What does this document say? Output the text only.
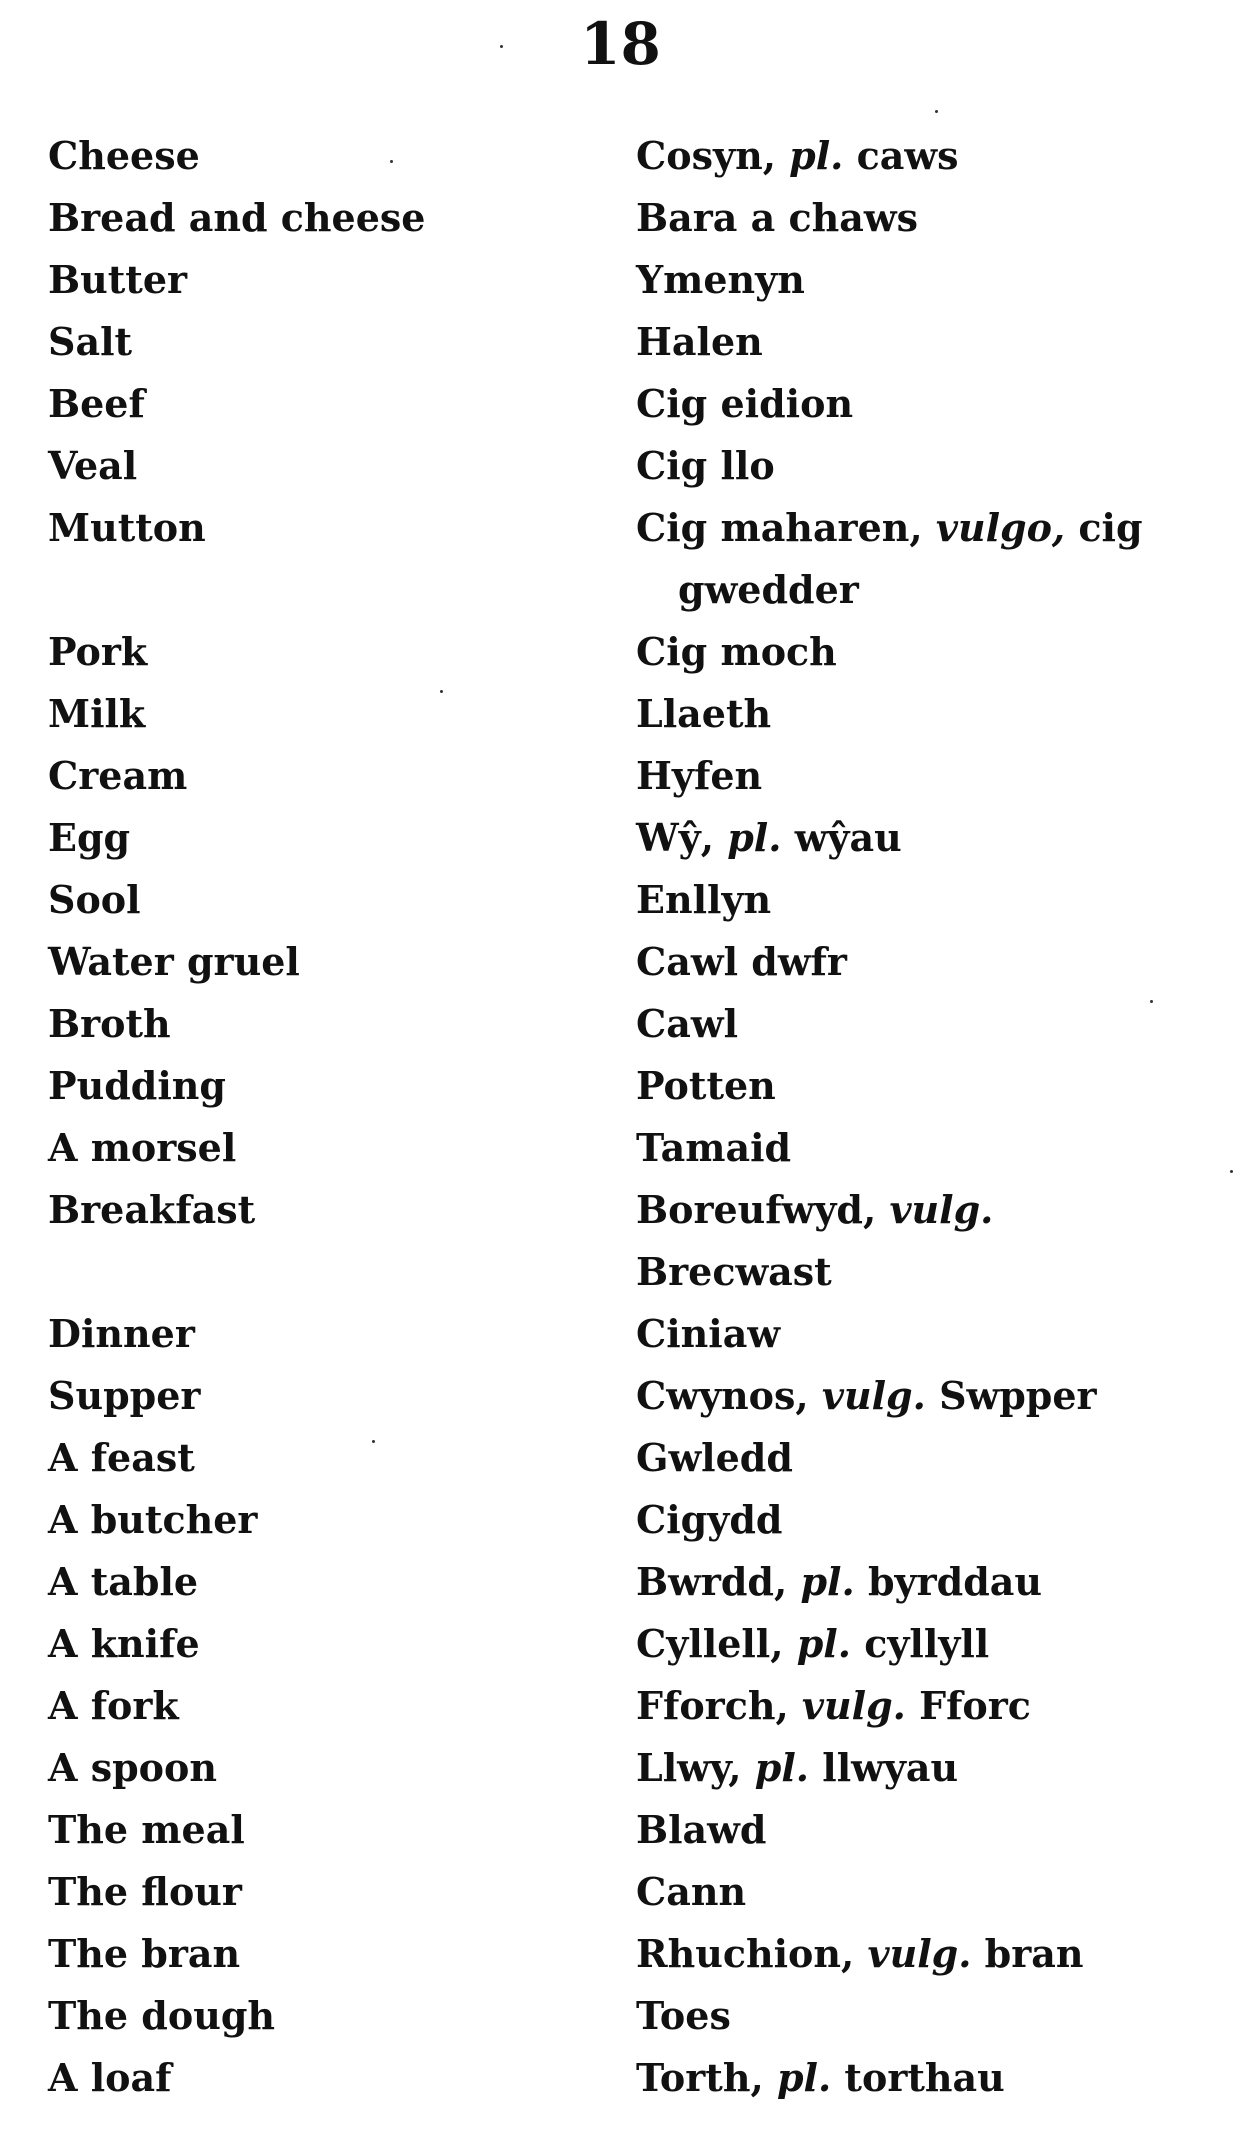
18
Cheese	Cosyn, pl. caws
Bread and cheese	Bara a chaws
Butter	Ymenyn
Salt	Halen
Beef	Cig eidion
Veal	Cig llo
Mutton	Cig maharen, vulgo, cig
gwedder
Pork	Cig moch
Milk	Llaeth
Cream	Hyfen
Egg	Wŷ, pl. wŷau
Sool	Enllyn
Water gruel	Cawl dwfr
Broth	Cawl
Pudding	Potten
A morsel	Tamaid
Breakfast	Boreufwyd, vulg. Brecwast
Dinner	Ciniaw
Supper	Cwynos, vulg. Swpper
A feast	Gwledd
A butcher	Cigydd
A table	Bwrdd, pl. byrddau
A knife	Cyllell, pl. cyllyll
A fork	Fforch, vulg. Fforc
A spoon	Llwy, pl. llwyau
The meal	Blawd
The flour	Cann
The bran	Rhuchion, vulg. bran
The dough	Toes
A loaf	Torth, pl. torthau
